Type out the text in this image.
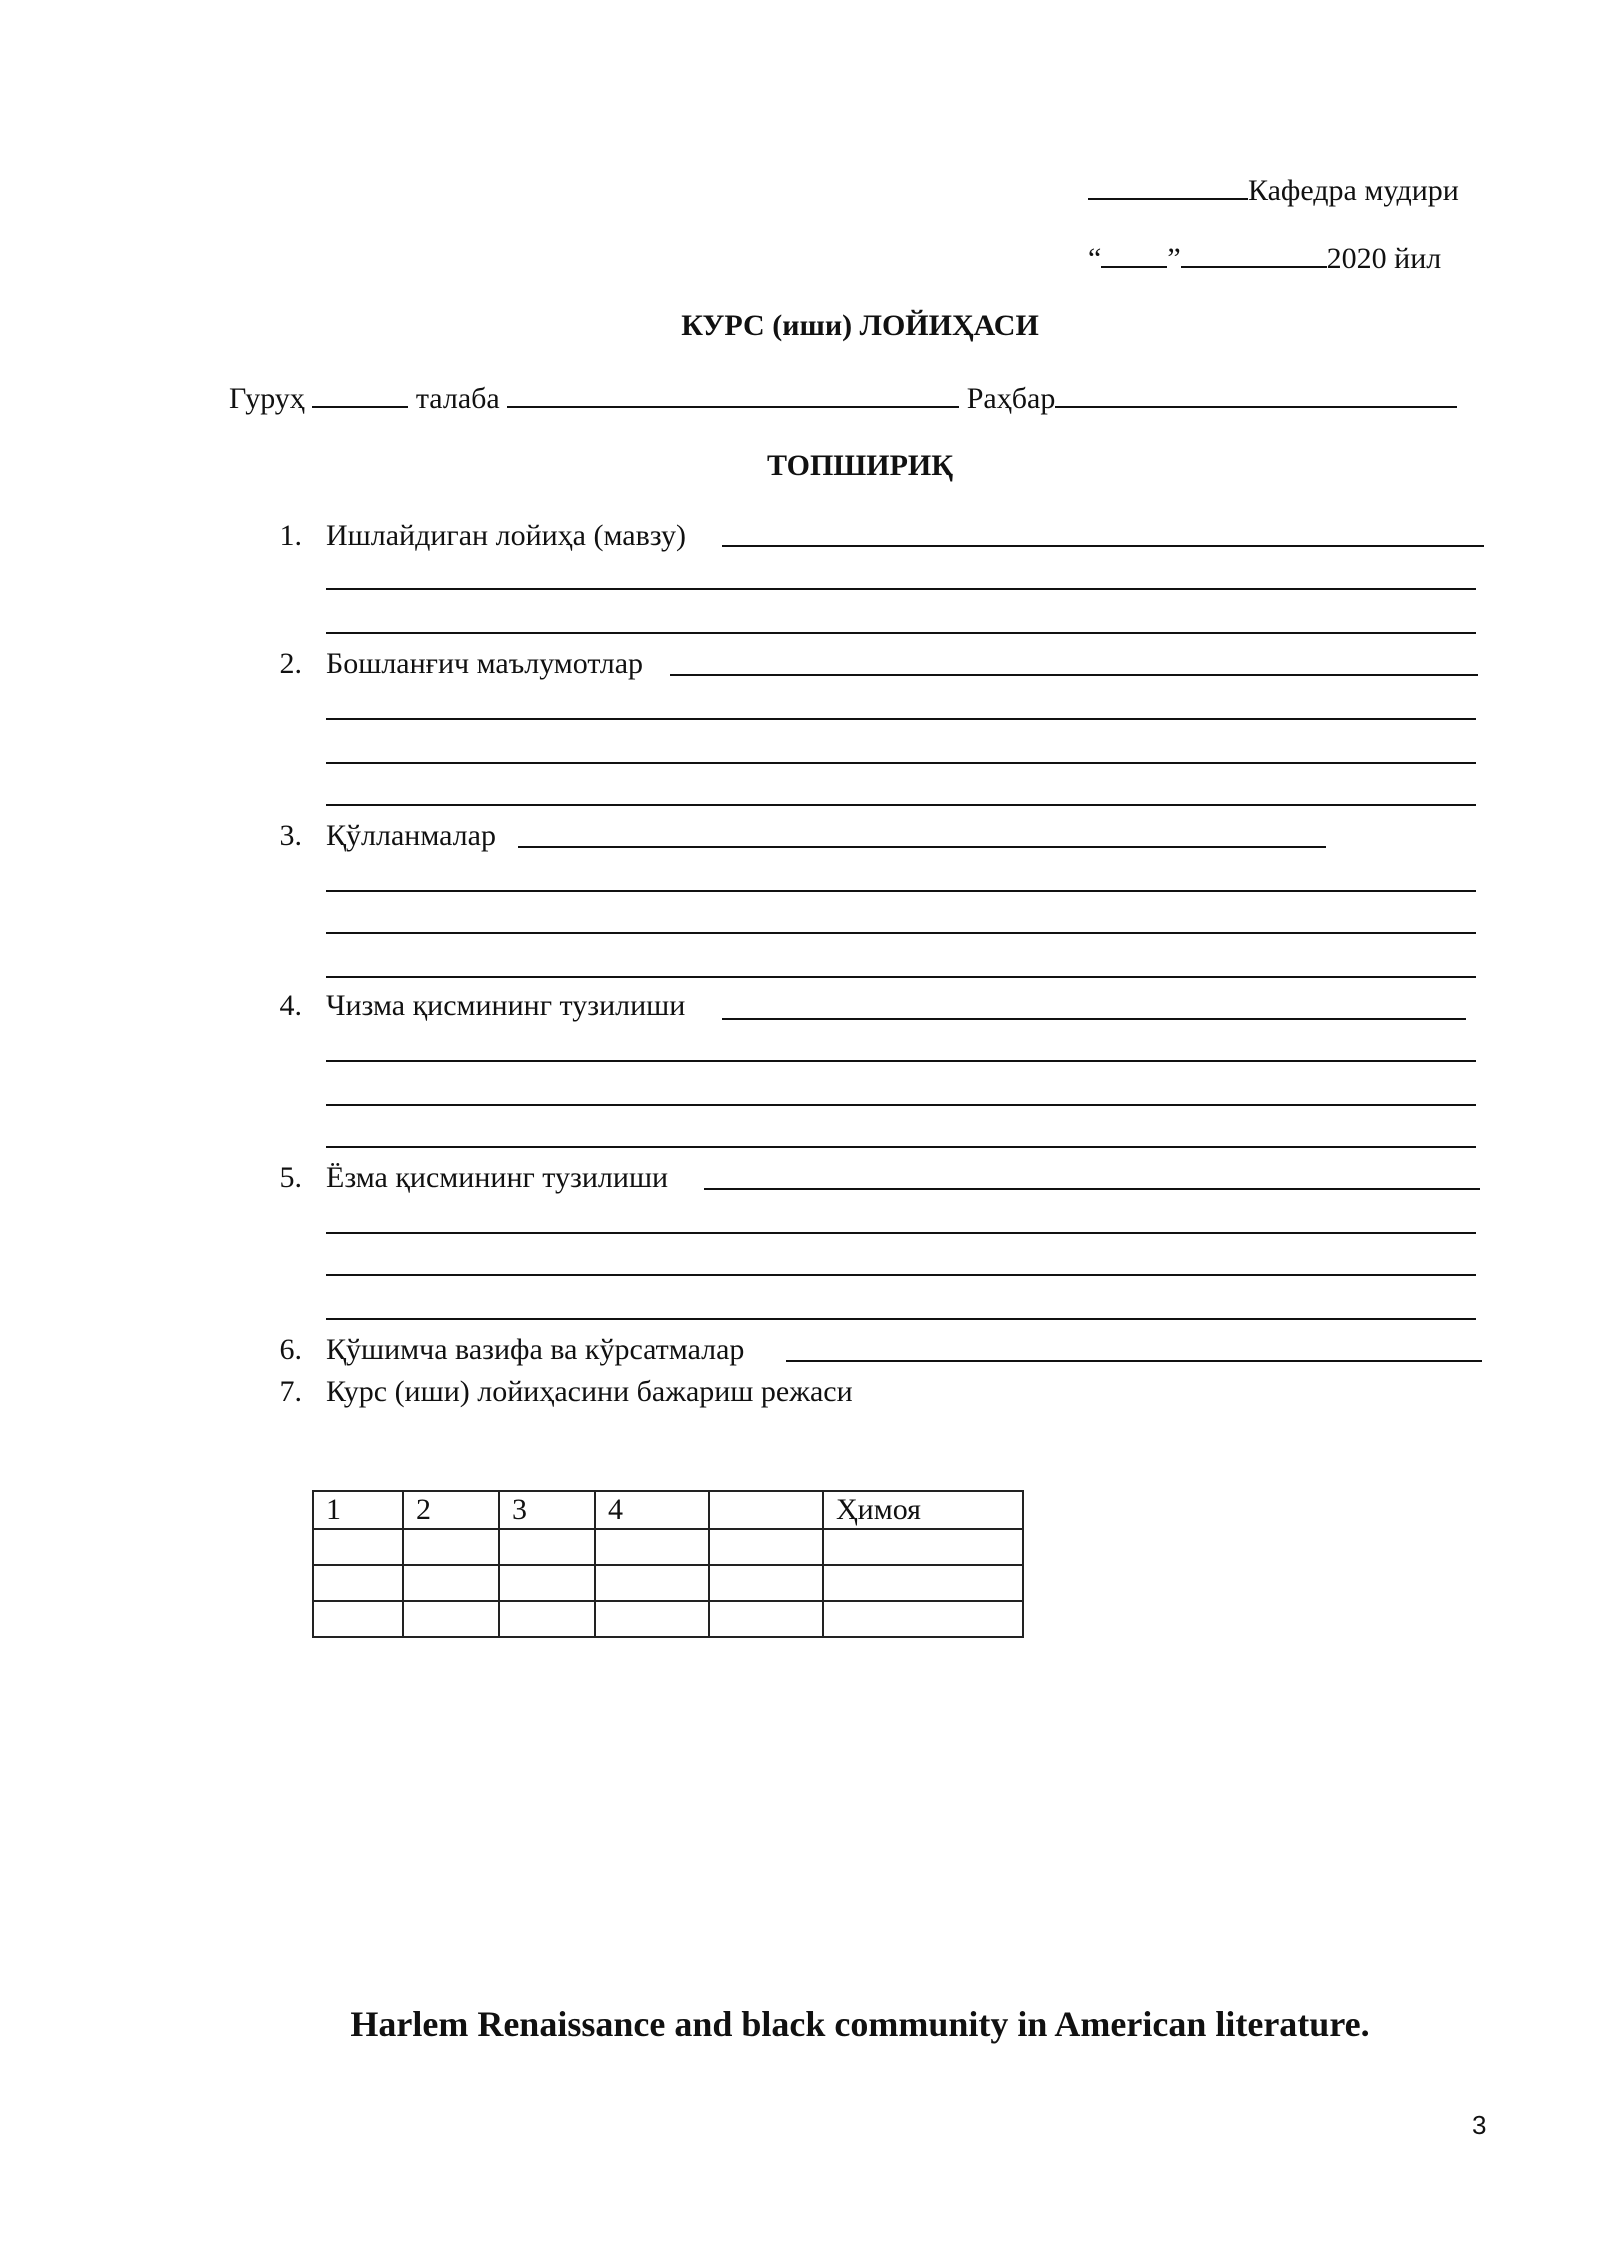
Кафедра мудири
“ ”	2020 йил
КУРС (иши) ЛОЙИҲАСИ
Гуруҳ	талаба	Раҳбар
ТОПШИРИҚ
1. Ишлайдиган лойиҳа (мавзу)
2. Бошланғич маълумотлар
3. Қўлланмалар
4. Чизма қисмининг тузилиши
5. Ёзма қисмининг тузилиши
6. Қўшимча вазифа ва кўрсатмалар
7. Курс (иши) лойиҳасини бажариш режаси
1	2	3	4		Ҳимоя

Harlem Renaissance and black community in American literature.
3
